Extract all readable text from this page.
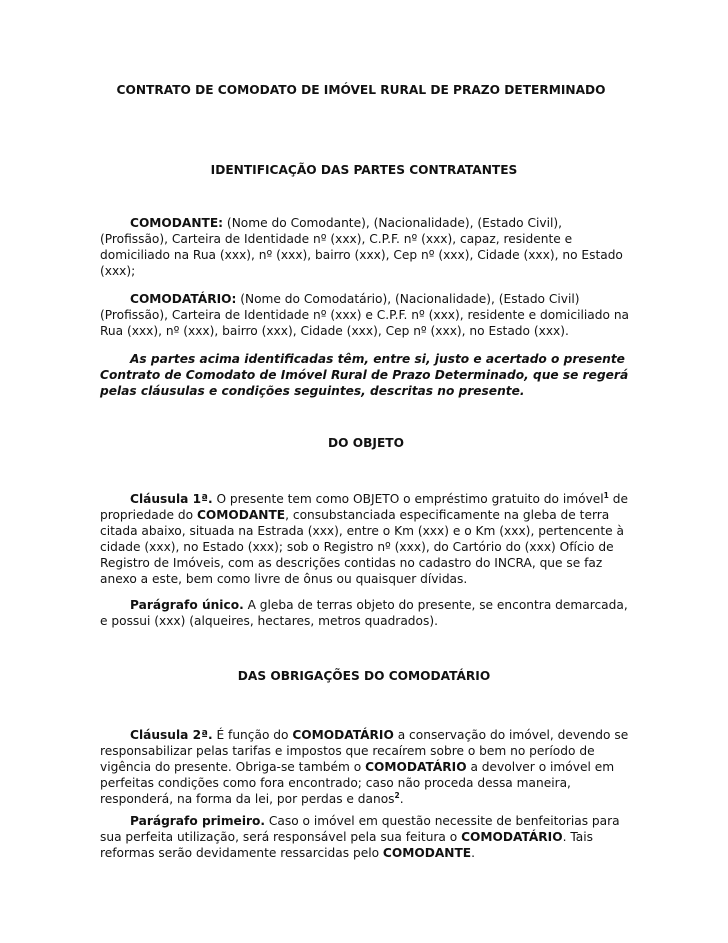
CONTRATO DE COMODATO DE IMÓVEL RURAL DE PRAZO DETERMINADO
IDENTIFICAÇÃO DAS PARTES CONTRATANTES

COMODANTE: (Nome do Comodante), (Nacionalidade), (Estado Civil), (Profissão), Carteira de Identidade nº (xxx), C.P.F. nº (xxx), capaz, residente e domiciliado na Rua (xxx), nº (xxx), bairro (xxx), Cep nº (xxx), Cidade (xxx), no Estado (xxx);

COMODATÁRIO: (Nome do Comodatário), (Nacionalidade), (Estado Civil) (Profissão), Carteira de Identidade nº (xxx) e C.P.F. nº (xxx), residente e domiciliado na Rua (xxx), nº (xxx), bairro (xxx), Cidade (xxx), Cep nº (xxx), no Estado (xxx).

As partes acima identificadas têm, entre si, justo e acertado o presente Contrato de Comodato de Imóvel Rural de Prazo Determinado, que se regerá pelas cláusulas e condições seguintes, descritas no presente.

DO OBJETO

Cláusula 1ª. O presente tem como OBJETO o empréstimo gratuito do imóvel$^1$ de propriedade do COMODANTE, consubstanciada especificamente na gleba de terra citada abaixo, situada na Estrada (xxx), entre o Km (xxx) e o Km (xxx), pertencente à cidade (xxx), no Estado (xxx); sob o Registro nº (xxx), do Cartório do (xxx) Ofício de Registro de Imóveis, com as descrições contidas no cadastro do INCRA, que se faz anexo a este, bem como livre de ônus ou quaisquer dívidas.

Parágrafo único. A gleba de terras objeto do presente, se encontra demarcada, e possui (xxx) (alqueires, hectares, metros quadrados).

DAS OBRIGAÇÕES DO COMODATÁRIO

Cláusula 2ª. É função do COMODATÁRIO a conservação do imóvel, devendo se responsabilizar pelas tarifas e impostos que recaírem sobre o bem no período de vigência do presente. Obriga-se também o COMODATÁRIO a devolver o imóvel em perfeitas condições como fora encontrado; caso não proceda dessa maneira, responderá, na forma da lei, por perdas e danos$^2$.

Parágrafo primeiro. Caso o imóvel em questão necessite de benfeitorias para sua perfeita utilização, será responsável pela sua feitura o COMODATÁRIO. Tais reformas serão devidamente ressarcidas pelo COMODANTE.
